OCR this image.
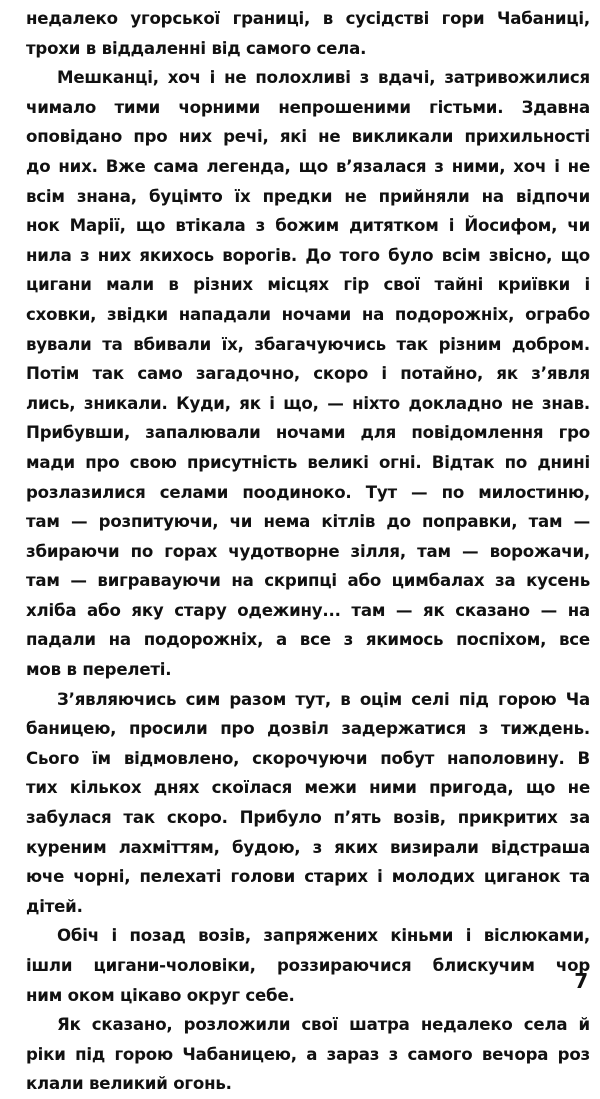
недалеко угорської границі, в сусідстві гори Чабаниці,
трохи в віддаленні від самого села.
Мешканці, хоч і не полохливі з вдачі, затривожилися
чимало тими чорними непрошеними гістьми. Здавна
оповідано про них речі, які не викликали прихильності
до них. Вже сама легенда, що в’язалася з ними, хоч і не
всім знана, буцімто їх предки не прийняли на відпочи
нок Марії, що втікала з божим дитятком і Йосифом, чи
нила з них якихось ворогів. До того було всім звісно, що
цигани мали в різних місцях гір свої тайні криївки і
сховки, звідки нападали ночами на подорожніх, ограбо
вували та вбивали їх, збагачуючись так різним добром.
Потім так само загадочно, скоро і потайно, як з’явля
лись, зникали. Куди, як і що, — ніхто докладно не знав.
Прибувши, запалювали ночами для повідомлення гро
мади про свою присутність великі огні. Відтак по днині
розлазилися селами поодиноко. Тут — по милостиню,
там — розпитуючи, чи нема кітлів до поправки, там —
збираючи по горах чудотворне зілля, там — ворожачи,
там — вигравауючи на скрипці або цимбалах за кусень
хліба або яку стару одежину... там — як сказано — на
падали на подорожніх, а все з якимось поспіхом, все
мов в перелеті.
З’являючись сим разом тут, в оцім селі під горою Ча
баницею, просили про дозвіл задержатися з тиждень.
Сього їм відмовлено, скорочуючи побут наполовину. В
тих кількох днях скоїлася межи ними пригода, що не
забулася так скоро. Прибуло п’ять возів, прикритих за
куреним лахміттям, будою, з яких визирали відстраша
юче чорні, пелехаті голови старих і молодих циганок та
дітей.
Обіч і позад возів, запряжених кіньми і віслюками,
ішли цигани-чоловіки, роззираючися блискучим чор
ним оком цікаво округ себе.
Як сказано, розложили свої шатра недалеко села й
ріки під горою Чабаницею, а зараз з самого вечора роз
клали великий огонь.
7
